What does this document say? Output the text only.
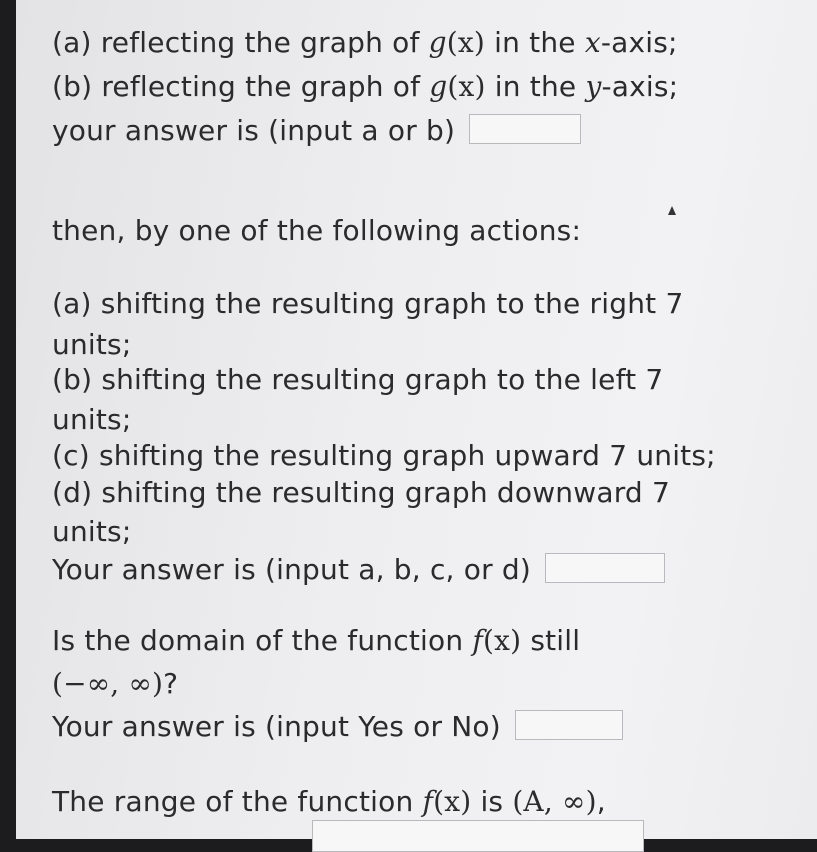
(a) reflecting the graph of g(x) in the x-axis;
(b) reflecting the graph of g(x) in the y-axis;
your answer is (input a or b)
then, by one of the following actions:
(a) shifting the resulting graph to the right 7
units;
(b) shifting the resulting graph to the left 7
units;
(c) shifting the resulting graph upward 7 units;
(d) shifting the resulting graph downward 7
units;
Your answer is (input a, b, c, or d)
Is the domain of the function f(x) still
(−∞, ∞)?
Your answer is (input Yes or No)
The range of the function f(x) is (A, ∞),
